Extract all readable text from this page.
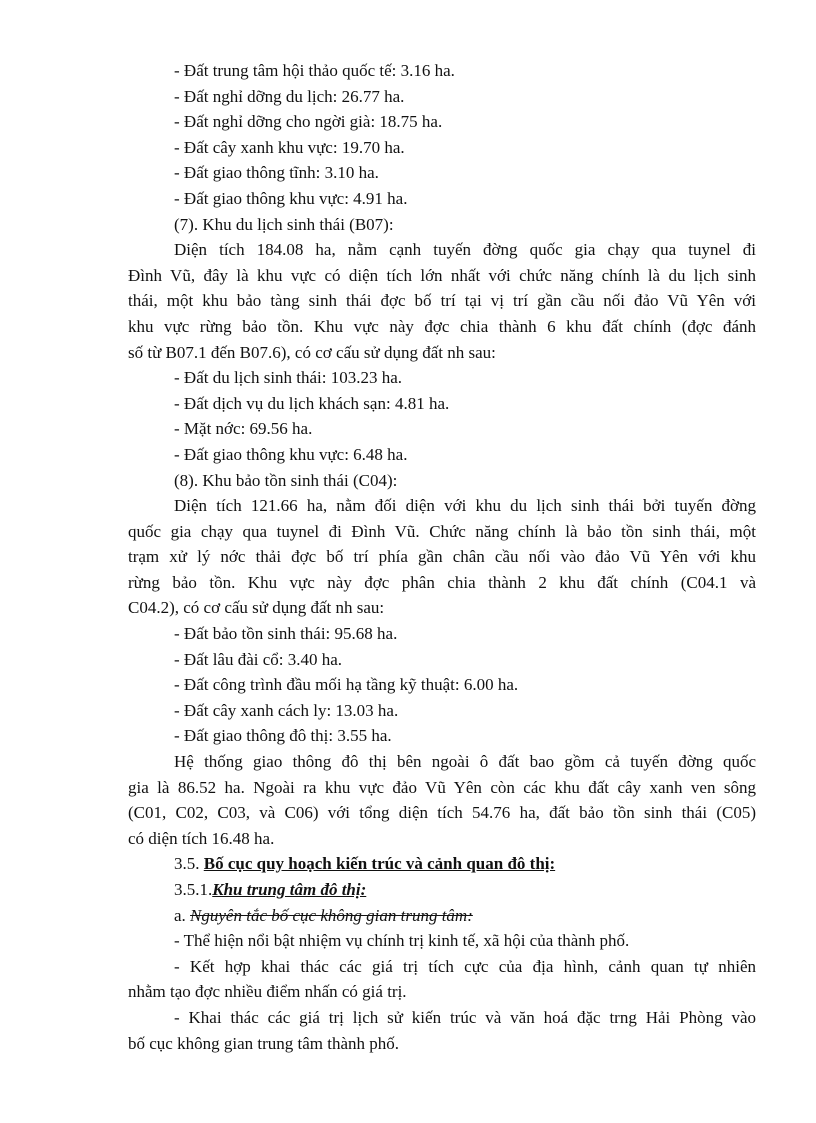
- Đất trung tâm hội thảo quốc tế: 3.16 ha.
- Đất nghỉ dỡng du lịch: 26.77 ha.
- Đất nghỉ dỡng cho ngời già: 18.75 ha.
- Đất cây xanh khu vực: 19.70 ha.
- Đất giao thông tĩnh: 3.10 ha.
- Đất giao thông khu vực: 4.91 ha.
(7). Khu du lịch sinh thái (B07):
Diện tích 184.08 ha, nằm cạnh tuyến đờng quốc gia chạy qua tuynel đi
Đình Vũ, đây là khu vực có diện tích lớn nhất với chức năng chính là du lịch sinh
thái, một khu bảo tàng sinh thái đợc bố trí tại vị trí gần cầu nối đảo Vũ Yên với
khu vực rừng bảo tồn. Khu vực này đợc chia thành 6 khu đất chính (đợc đánh
số từ B07.1 đến B07.6), có cơ cấu sử dụng đất nh sau:
- Đất du lịch sinh thái: 103.23 ha.
- Đất dịch vụ du lịch khách sạn: 4.81 ha.
- Mặt nớc: 69.56 ha.
- Đất giao thông khu vực: 6.48 ha.
(8). Khu bảo tồn sinh thái (C04):
Diện tích 121.66 ha, nằm đối diện với khu du lịch sinh thái bởi tuyến đờng
quốc gia chạy qua tuynel đi Đình Vũ. Chức năng chính là bảo tồn sinh thái, một
trạm xử lý nớc thải đợc bố trí phía gần chân cầu nối vào đảo Vũ Yên với khu
rừng bảo tồn. Khu vực này đợc phân chia thành 2 khu đất chính (C04.1 và
C04.2), có cơ cấu sử dụng đất nh sau:
- Đất bảo tồn sinh thái: 95.68 ha.
- Đất lâu đài cổ: 3.40 ha.
- Đất công trình đầu mối hạ tầng kỹ thuật: 6.00 ha.
- Đất cây xanh cách ly: 13.03 ha.
- Đất giao thông đô thị: 3.55 ha.
Hệ thống giao thông đô thị bên ngoài ô đất bao gồm cả tuyến đờng quốc
gia là 86.52 ha. Ngoài ra khu vực đảo Vũ Yên còn các khu đất cây xanh ven sông
(C01, C02, C03, và C06) với tổng diện tích 54.76 ha, đất bảo tồn sinh thái (C05)
có diện tích 16.48 ha.
3.5. Bố cục quy hoạch kiến trúc và cảnh quan đô thị:
3.5.1.Khu trung tâm đô thị:
a. Nguyên tắc bố cục không gian trung tâm:
- Thể hiện nổi bật nhiệm vụ chính trị kinh tế, xã hội của thành phố.
- Kết hợp khai thác các giá trị tích cực của địa hình, cảnh quan tự nhiên
nhằm tạo đợc nhiều điểm nhấn có giá trị.
- Khai thác các giá trị lịch sử kiến trúc và văn hoá đặc trng Hải Phòng vào
bố cục không gian trung tâm thành phố.
